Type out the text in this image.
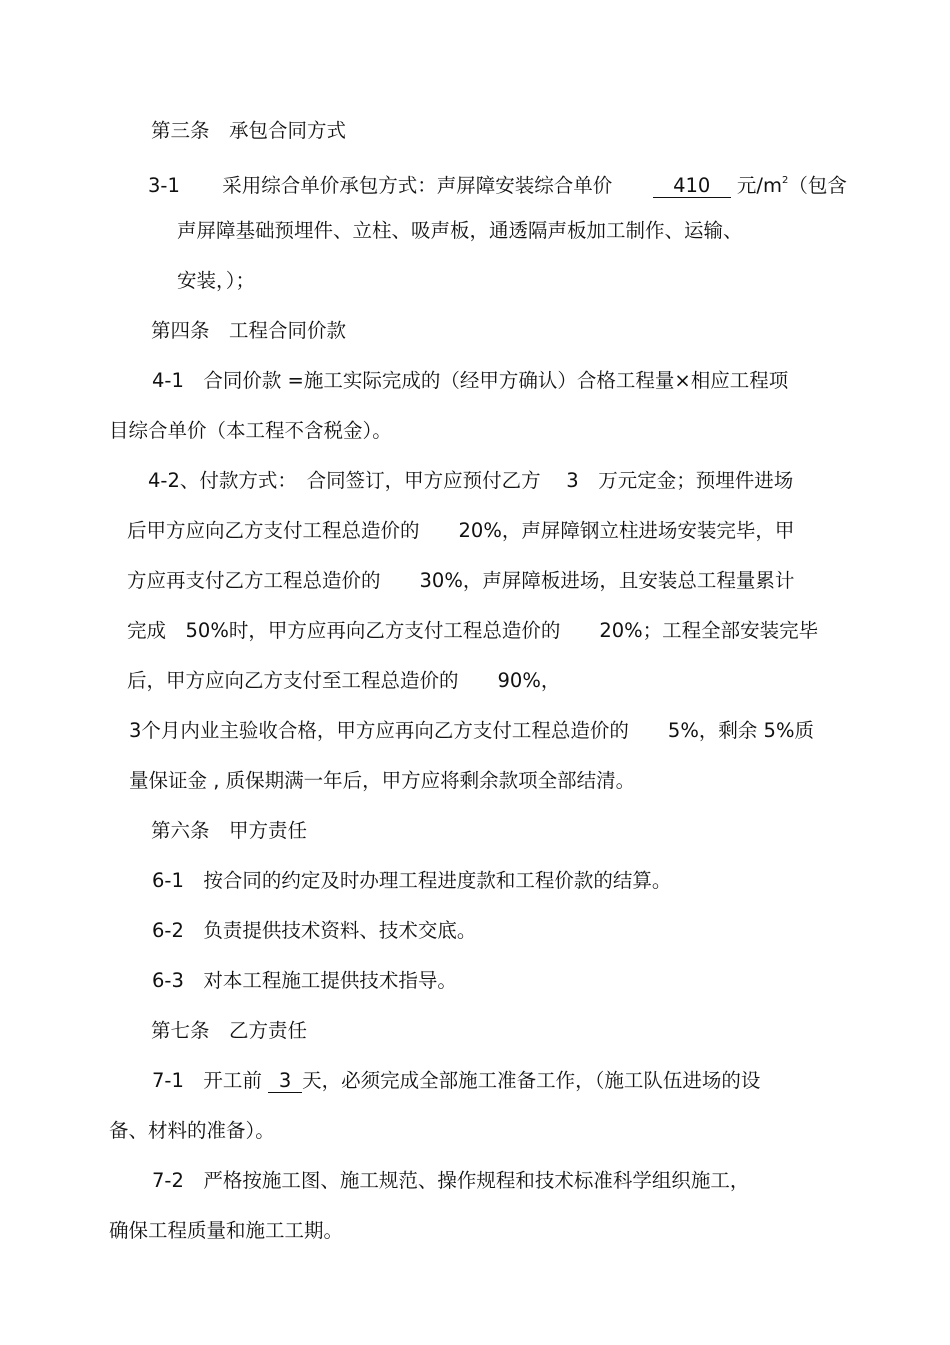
第三条　承包合同方式
3-1 采用综合单价承包方式：声屏障安装综合单价	410 元$/m^2$（包含
声屏障基础预埋件、立柱、吸声板，通透隔声板加工制作、运输、
安装，）；
第四条　工程合同价款
4-1　合同价款 =施工实际完成的（经甲方确认）合格工程量×相应工程项
目综合单价（本工程不含税金）。
4-2、付款方式：　合同签订，甲方应预付乙方　 3　万元定金；预埋件进场
后甲方应向乙方支付工程总造价的　　20%，声屏障钢立柱进场安装完毕，甲
方应再支付乙方工程总造价的　　30%，声屏障板进场，且安装总工程量累计
完成　50%时，甲方应再向乙方支付工程总造价的　　20%；工程全部安装完毕
后，甲方应向乙方支付至工程总造价的　　90%，
3个月内业主验收合格，甲方应再向乙方支付工程总造价的　　5%，剩余 5%质
量保证金 , 质保期满一年后，甲方应将剩余款项全部结清。
第六条　甲方责任
6-1　按合同的约定及时办理工程进度款和工程价款的结算。
6-2　负责提供技术资料、技术交底。
6-3　对本工程施工提供技术指导。
第七条　乙方责任
7-1　开工前 3 天，必须完成全部施工准备工作，（施工队伍进场的设
备、材料的准备）。
7-2　严格按施工图、施工规范、操作规程和技术标准科学组织施工，
确保工程质量和施工工期。
